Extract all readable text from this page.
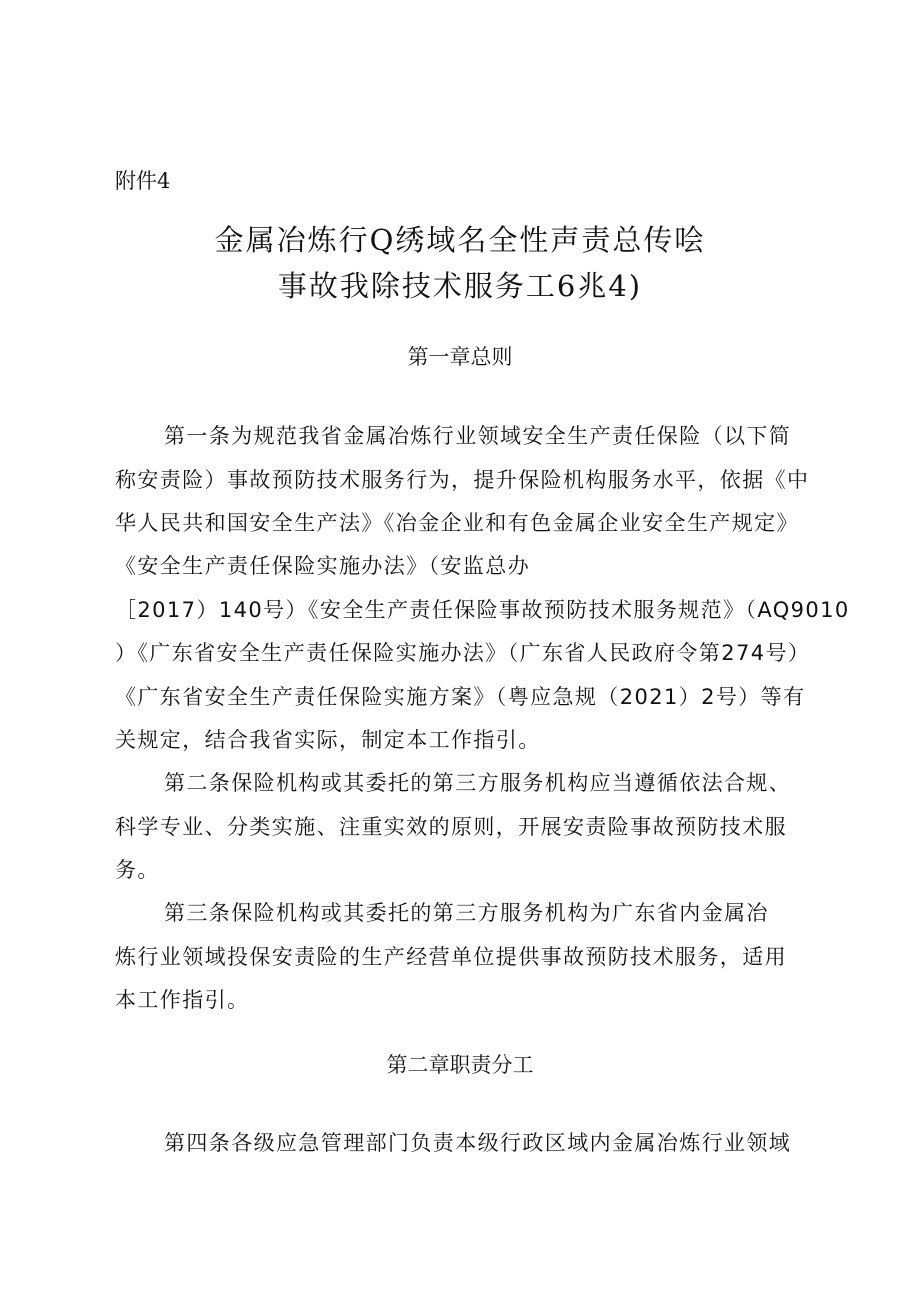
附件4
金属冶炼行Q绣域名全性声责总传哙
事故我除技术服务工6兆4)
第一章总则
第一条为规范我省金属冶炼行业领域安全生产责任保险（以下简
称安责险）事故预防技术服务行为，提升保险机构服务水平，依据《中
华人民共和国安全生产法》《冶金企业和有色金属企业安全生产规定》
《安全生产责任保险实施办法》（安监总办
［2017）140号）《安全生产责任保险事故预防技术服务规范》（AQ9010
）《广东省安全生产责任保险实施办法》（广东省人民政府令第274号）
《广东省安全生产责任保险实施方案》（粤应急规（2021）2号）等有
关规定，结合我省实际，制定本工作指引。
第二条保险机构或其委托的第三方服务机构应当遵循依法合规、
科学专业、分类实施、注重实效的原则，开展安责险事故预防技术服
务。
第三条保险机构或其委托的第三方服务机构为广东省内金属冶
炼行业领域投保安责险的生产经营单位提供事故预防技术服务，适用
本工作指引。
第二章职责分工
第四条各级应急管理部门负责本级行政区域内金属冶炼行业领域
